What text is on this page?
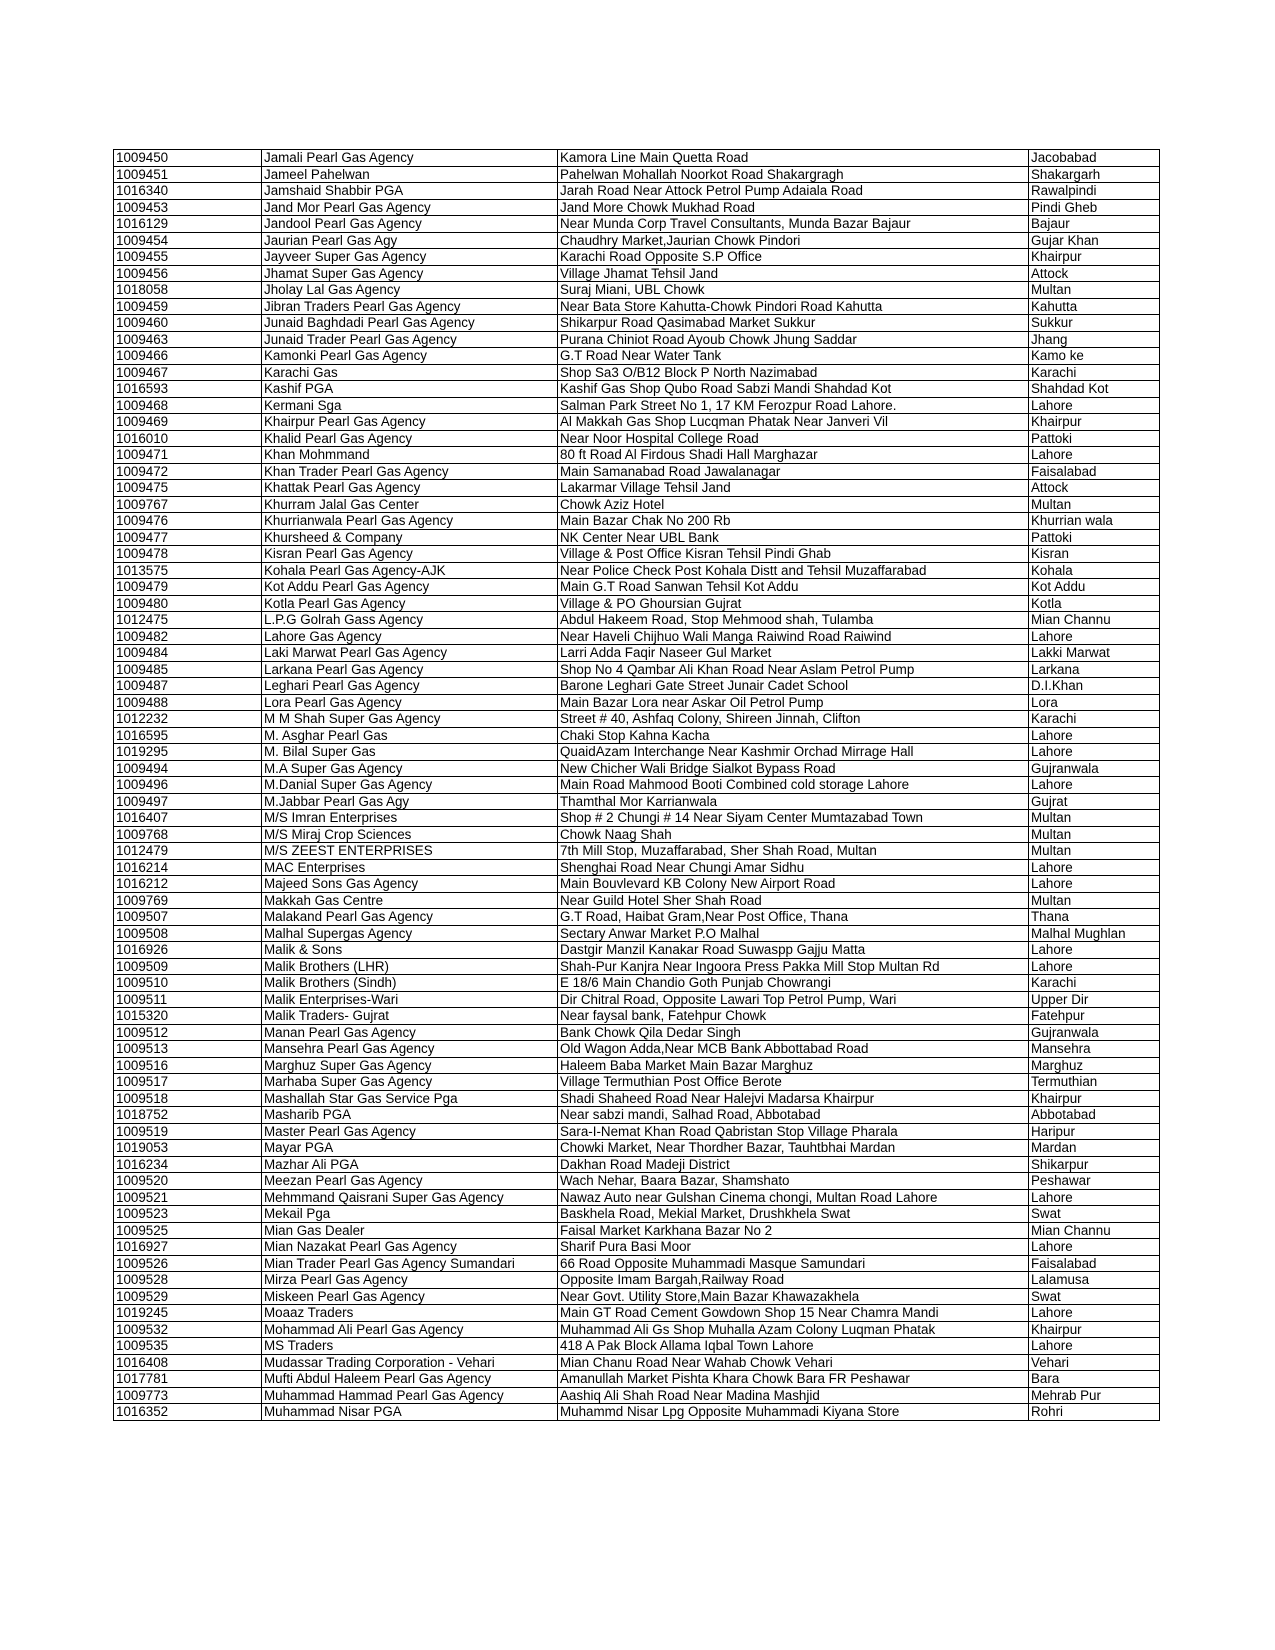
1009450	Jamali Pearl Gas Agency	Kamora Line Main Quetta Road	Jacobabad
1009451	Jameel Pahelwan	Pahelwan Mohallah Noorkot Road Shakargragh	Shakargarh
1016340	Jamshaid Shabbir PGA	Jarah Road Near Attock Petrol Pump Adaiala Road	Rawalpindi
1009453	Jand Mor Pearl Gas Agency	Jand More Chowk Mukhad Road	Pindi Gheb
1016129	Jandool Pearl Gas Agency	Near Munda Corp Travel Consultants, Munda Bazar Bajaur	Bajaur
1009454	Jaurian Pearl Gas Agy	Chaudhry Market,Jaurian Chowk Pindori	Gujar Khan
1009455	Jayveer Super Gas Agency	Karachi Road Opposite S.P Office	Khairpur
1009456	Jhamat Super Gas Agency	Village Jhamat Tehsil Jand	Attock
1018058	Jholay Lal Gas Agency	Suraj Miani, UBL Chowk	Multan
1009459	Jibran Traders Pearl Gas Agency	Near Bata Store Kahutta-Chowk Pindori Road Kahutta	Kahutta
1009460	Junaid Baghdadi Pearl Gas Agency	Shikarpur Road Qasimabad Market Sukkur	Sukkur
1009463	Junaid Trader Pearl Gas Agency	Purana Chiniot Road Ayoub Chowk Jhung Saddar	Jhang
1009466	Kamonki Pearl Gas Agency	G.T Road Near Water Tank	Kamo ke
1009467	Karachi Gas	Shop Sa3 O/B12 Block P North Nazimabad	Karachi
1016593	Kashif PGA	Kashif Gas Shop Qubo Road Sabzi Mandi Shahdad Kot	Shahdad Kot
1009468	Kermani Sga	Salman Park Street No 1, 17 KM Ferozpur Road Lahore.	Lahore
1009469	Khairpur Pearl Gas Agency	Al Makkah Gas Shop Lucqman Phatak Near Janveri Vil	Khairpur
1016010	Khalid Pearl Gas Agency	Near Noor Hospital College Road	Pattoki
1009471	Khan Mohmmand	80 ft Road Al Firdous Shadi Hall Marghazar	Lahore
1009472	Khan Trader Pearl Gas Agency	Main Samanabad Road Jawalanagar	Faisalabad
1009475	Khattak Pearl Gas Agency	Lakarmar Village Tehsil Jand	Attock
1009767	Khurram Jalal Gas Center	Chowk Aziz Hotel	Multan
1009476	Khurrianwala Pearl Gas Agency	Main Bazar Chak No 200 Rb	Khurrian wala
1009477	Khursheed & Company	NK Center Near UBL Bank	Pattoki
1009478	Kisran Pearl Gas Agency	Village & Post Office Kisran Tehsil Pindi Ghab	Kisran
1013575	Kohala Pearl Gas Agency-AJK	Near Police Check Post Kohala Distt and Tehsil Muzaffarabad	Kohala
1009479	Kot Addu Pearl Gas Agency	Main G.T Road Sanwan Tehsil Kot Addu	Kot Addu
1009480	Kotla Pearl Gas Agency	Village & PO Ghoursian Gujrat	Kotla
1012475	L.P.G Golrah Gass Agency	Abdul Hakeem Road, Stop Mehmood shah, Tulamba	Mian Channu
1009482	Lahore Gas Agency	Near Haveli Chijhuo Wali Manga Raiwind Road Raiwind	Lahore
1009484	Laki Marwat Pearl Gas Agency	Larri Adda Faqir Naseer Gul Market	Lakki Marwat
1009485	Larkana Pearl Gas Agency	Shop No 4 Qambar Ali Khan Road Near Aslam Petrol Pump	Larkana
1009487	Leghari Pearl Gas Agency	Barone Leghari Gate Street Junair Cadet School	D.I.Khan
1009488	Lora Pearl Gas Agency	Main Bazar Lora near Askar Oil Petrol Pump	Lora
1012232	M M Shah Super Gas Agency	Street # 40, Ashfaq Colony, Shireen Jinnah, Clifton	Karachi
1016595	M. Asghar Pearl Gas	Chaki Stop Kahna Kacha	Lahore
1019295	M. Bilal Super Gas	QuaidAzam Interchange Near Kashmir Orchad Mirrage Hall	Lahore
1009494	M.A Super Gas Agency	New Chicher Wali Bridge Sialkot Bypass Road	Gujranwala
1009496	M.Danial Super Gas Agency	Main Road Mahmood Booti Combined cold storage Lahore	Lahore
1009497	M.Jabbar Pearl Gas Agy	Thamthal Mor Karrianwala	Gujrat
1016407	M/S Imran Enterprises	Shop # 2 Chungi # 14 Near Siyam Center Mumtazabad Town	Multan
1009768	M/S Miraj Crop Sciences	Chowk Naag Shah	Multan
1012479	M/S ZEEST ENTERPRISES	7th Mill Stop, Muzaffarabad, Sher Shah Road, Multan	Multan
1016214	MAC Enterprises	Shenghai Road Near Chungi Amar Sidhu	Lahore
1016212	Majeed Sons Gas Agency	Main Bouvlevard KB Colony New Airport Road	Lahore
1009769	Makkah Gas Centre	Near Guild Hotel Sher Shah Road	Multan
1009507	Malakand Pearl Gas Agency	G.T Road, Haibat Gram,Near Post Office, Thana	Thana
1009508	Malhal Supergas Agency	Sectary Anwar Market P.O Malhal	Malhal Mughlan
1016926	Malik & Sons	Dastgir Manzil Kanakar Road Suwaspp Gajju Matta	Lahore
1009509	Malik Brothers (LHR)	Shah-Pur Kanjra Near Ingoora Press Pakka Mill Stop Multan Rd	Lahore
1009510	Malik Brothers (Sindh)	E 18/6 Main Chandio Goth Punjab Chowrangi	Karachi
1009511	Malik Enterprises-Wari	Dir Chitral Road, Opposite Lawari Top Petrol Pump, Wari	Upper Dir
1015320	Malik Traders- Gujrat	Near faysal bank, Fatehpur Chowk	Fatehpur
1009512	Manan Pearl Gas Agency	Bank Chowk Qila Dedar Singh	Gujranwala
1009513	Mansehra Pearl Gas Agency	Old Wagon Adda,Near MCB Bank Abbottabad Road	Mansehra
1009516	Marghuz Super Gas Agency	Haleem Baba Market Main Bazar Marghuz	Marghuz
1009517	Marhaba Super Gas Agency	Village Termuthian Post Office Berote	Termuthian
1009518	Mashallah Star Gas Service Pga	Shadi Shaheed Road Near Halejvi Madarsa Khairpur	Khairpur
1018752	Masharib PGA	Near sabzi mandi, Salhad Road, Abbotabad	Abbotabad
1009519	Master Pearl Gas Agency	Sara-I-Nemat Khan Road Qabristan Stop Village Pharala	Haripur
1019053	Mayar PGA	Chowki Market, Near Thordher Bazar, Tauhtbhai Mardan	Mardan
1016234	Mazhar Ali PGA	Dakhan Road Madeji District	Shikarpur
1009520	Meezan Pearl Gas Agency	Wach Nehar, Baara Bazar, Shamshato	Peshawar
1009521	Mehmmand Qaisrani Super Gas Agency	Nawaz Auto near Gulshan Cinema chongi, Multan Road Lahore	Lahore
1009523	Mekail Pga	Baskhela Road, Mekial Market, Drushkhela Swat	Swat
1009525	Mian Gas Dealer	Faisal Market Karkhana Bazar No 2	Mian Channu
1016927	Mian Nazakat Pearl Gas Agency	Sharif Pura Basi Moor	Lahore
1009526	Mian Trader Pearl Gas Agency Sumandari	66 Road Opposite Muhammadi Masque Samundari	Faisalabad
1009528	Mirza Pearl Gas Agency	Opposite Imam Bargah,Railway Road	Lalamusa
1009529	Miskeen Pearl Gas Agency	Near Govt. Utility Store,Main Bazar Khawazakhela	Swat
1019245	Moaaz Traders	Main GT Road Cement Gowdown Shop 15 Near Chamra Mandi	Lahore
1009532	Mohammad Ali Pearl Gas Agency	Muhammad Ali Gs Shop Muhalla Azam Colony Luqman Phatak	Khairpur
1009535	MS Traders	418 A Pak Block Allama Iqbal Town Lahore	Lahore
1016408	Mudassar Trading Corporation - Vehari	Mian Chanu Road Near Wahab Chowk Vehari	Vehari
1017781	Mufti Abdul Haleem Pearl Gas Agency	Amanullah Market Pishta Khara Chowk Bara FR Peshawar	Bara
1009773	Muhammad Hammad Pearl Gas Agency	Aashiq Ali Shah Road Near Madina Mashjid	Mehrab Pur
1016352	Muhammad Nisar PGA	Muhammd Nisar Lpg Opposite Muhammadi Kiyana Store	Rohri
